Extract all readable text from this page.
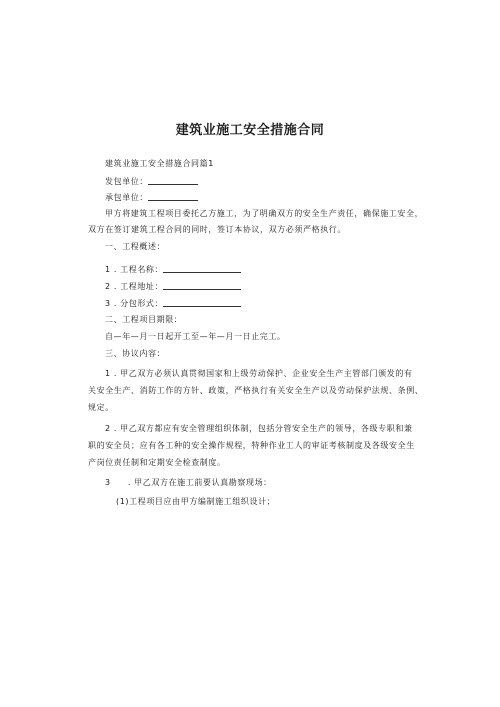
建筑业施工安全措施合同
建筑业施工安全措施合同篇1
发包单位：
承包单位：
甲方将建筑工程项目委托乙方施工，为了明确双方的安全生产责任，确保施工安全，
双方在签订建筑工程合同的同时，签订本协议，双方必须严格执行。
一、工程概述：
1 . 工程名称：
2 . 工程地址：
3 . 分包形式：
二、工程项目期限：
自—年—月一日起开工至—年—月一日止完工。
三、协议内容：
1 . 甲乙双方必须认真贯彻国家和上级劳动保护、企业安全生产主管部门颁发的有
关安全生产、消防工作的方针、政策，严格执行有关安全生产以及劳动保护法规、条例、
规定。
2 . 甲乙双方都应有安全管理组织体制，包括分管安全生产的领导，各级专职和兼
职的安全员；应有各工种的安全操作规程，特种作业工人的审证考核制度及各级安全生
产岗位责任制和定期安全检查制度。
3　　. 甲乙双方在施工前要认真勘察现场：
(1)工程项目应由甲方编制施工组织设计；
